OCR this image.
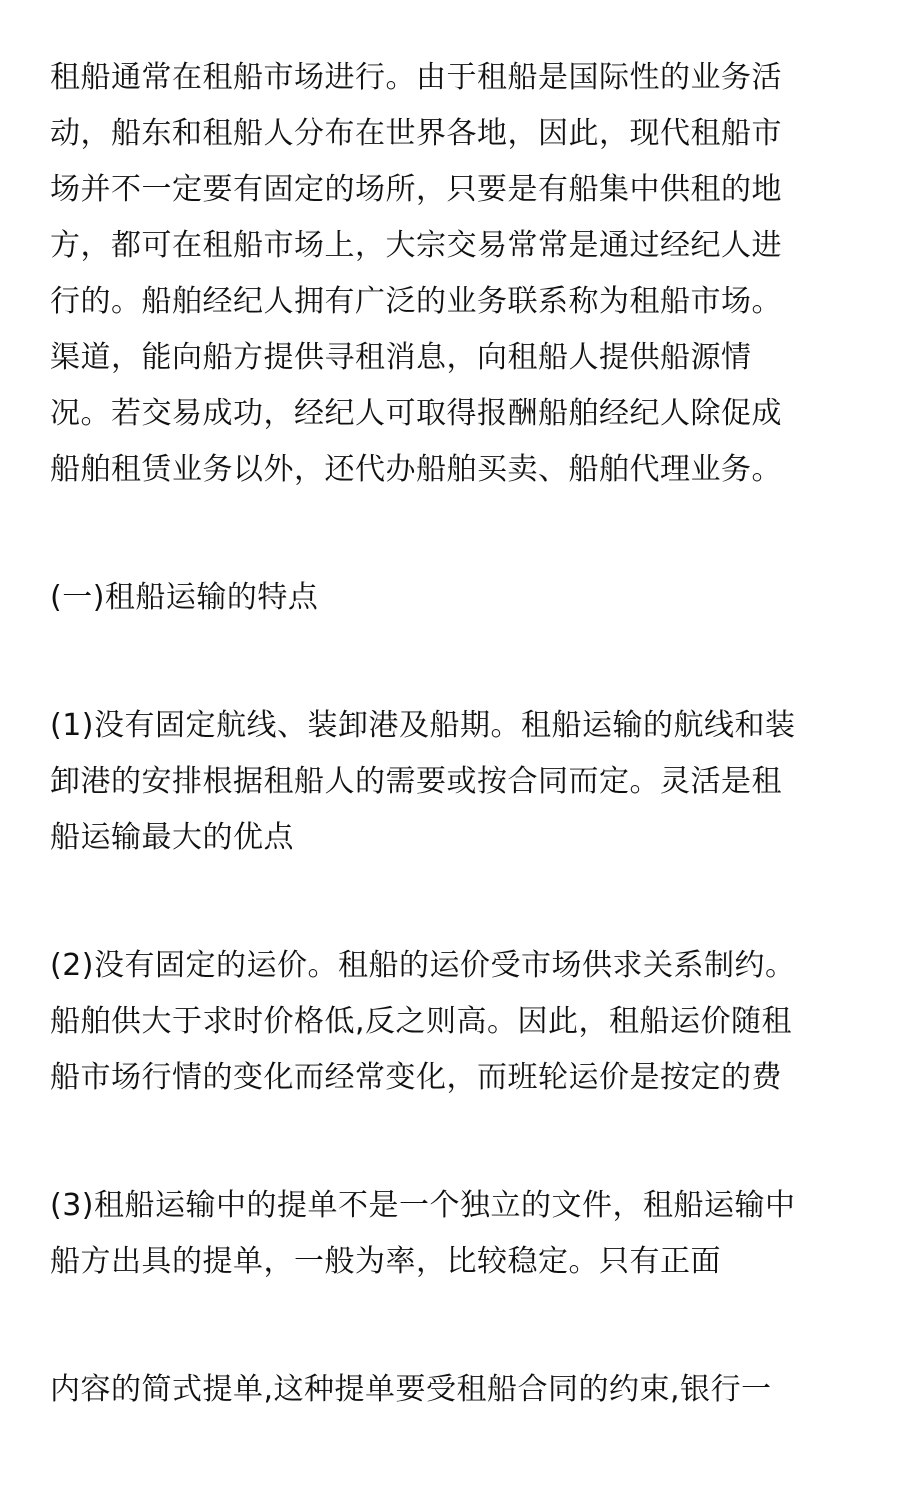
租船通常在租船市场进行。由于租船是国际性的业务活
动，船东和租船人分布在世界各地，因此，现代租船市
场并不一定要有固定的场所，只要是有船集中供租的地
方，都可在租船市场上，大宗交易常常是通过经纪人进
行的。船舶经纪人拥有广泛的业务联系称为租船市场。
渠道，能向船方提供寻租消息，向租船人提供船源情
况。若交易成功，经纪人可取得报酬船舶经纪人除促成
船舶租赁业务以外，还代办船舶买卖、船舶代理业务。
(一)租船运输的特点
(1)没有固定航线、装卸港及船期。租船运输的航线和装
卸港的安排根据租船人的需要或按合同而定。灵活是租
船运输最大的优点
(2)没有固定的运价。租船的运价受市场供求关系制约。
船舶供大于求时价格低,反之则高。因此，租船运价随租
船市场行情的变化而经常变化，而班轮运价是按定的费
(3)租船运输中的提单不是一个独立的文件，租船运输中
船方出具的提单，一般为率，比较稳定。只有正面
内容的简式提单,这种提单要受租船合同的约束,银行一
